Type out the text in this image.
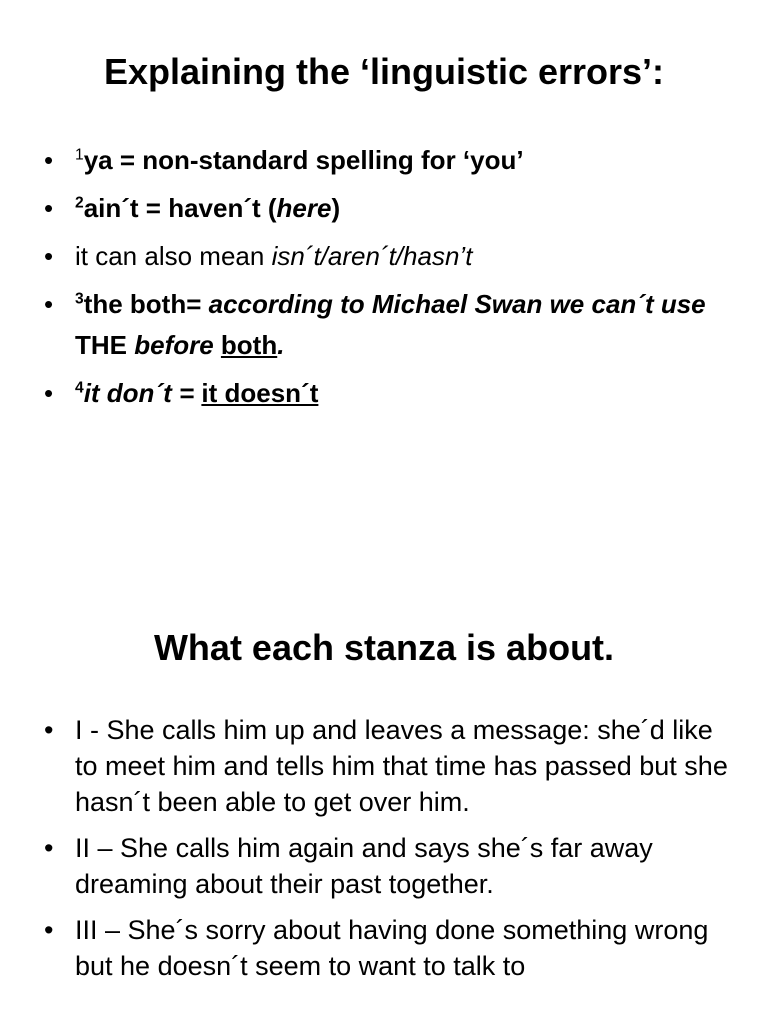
Explaining the ‘linguistic errors’:
• $^1$ya = non-standard spelling for ‘you’
• $^2$ain´t = haven´t (here)
• it can also mean isn´t/aren´t/hasn’t
• $^3$the both= according to Michael Swan we can´t use THE before both.
• $^4$it don´t = it doesn´t
What each stanza is about.
• I - She calls him up and leaves a message: she´d like to meet him and tells him that time has passed but she hasn´t been able to get over him.
• II – She calls him again and says she´s far away dreaming about their past together.
• III – She´s sorry about having done something wrong but he doesn´t seem to want to talk to
